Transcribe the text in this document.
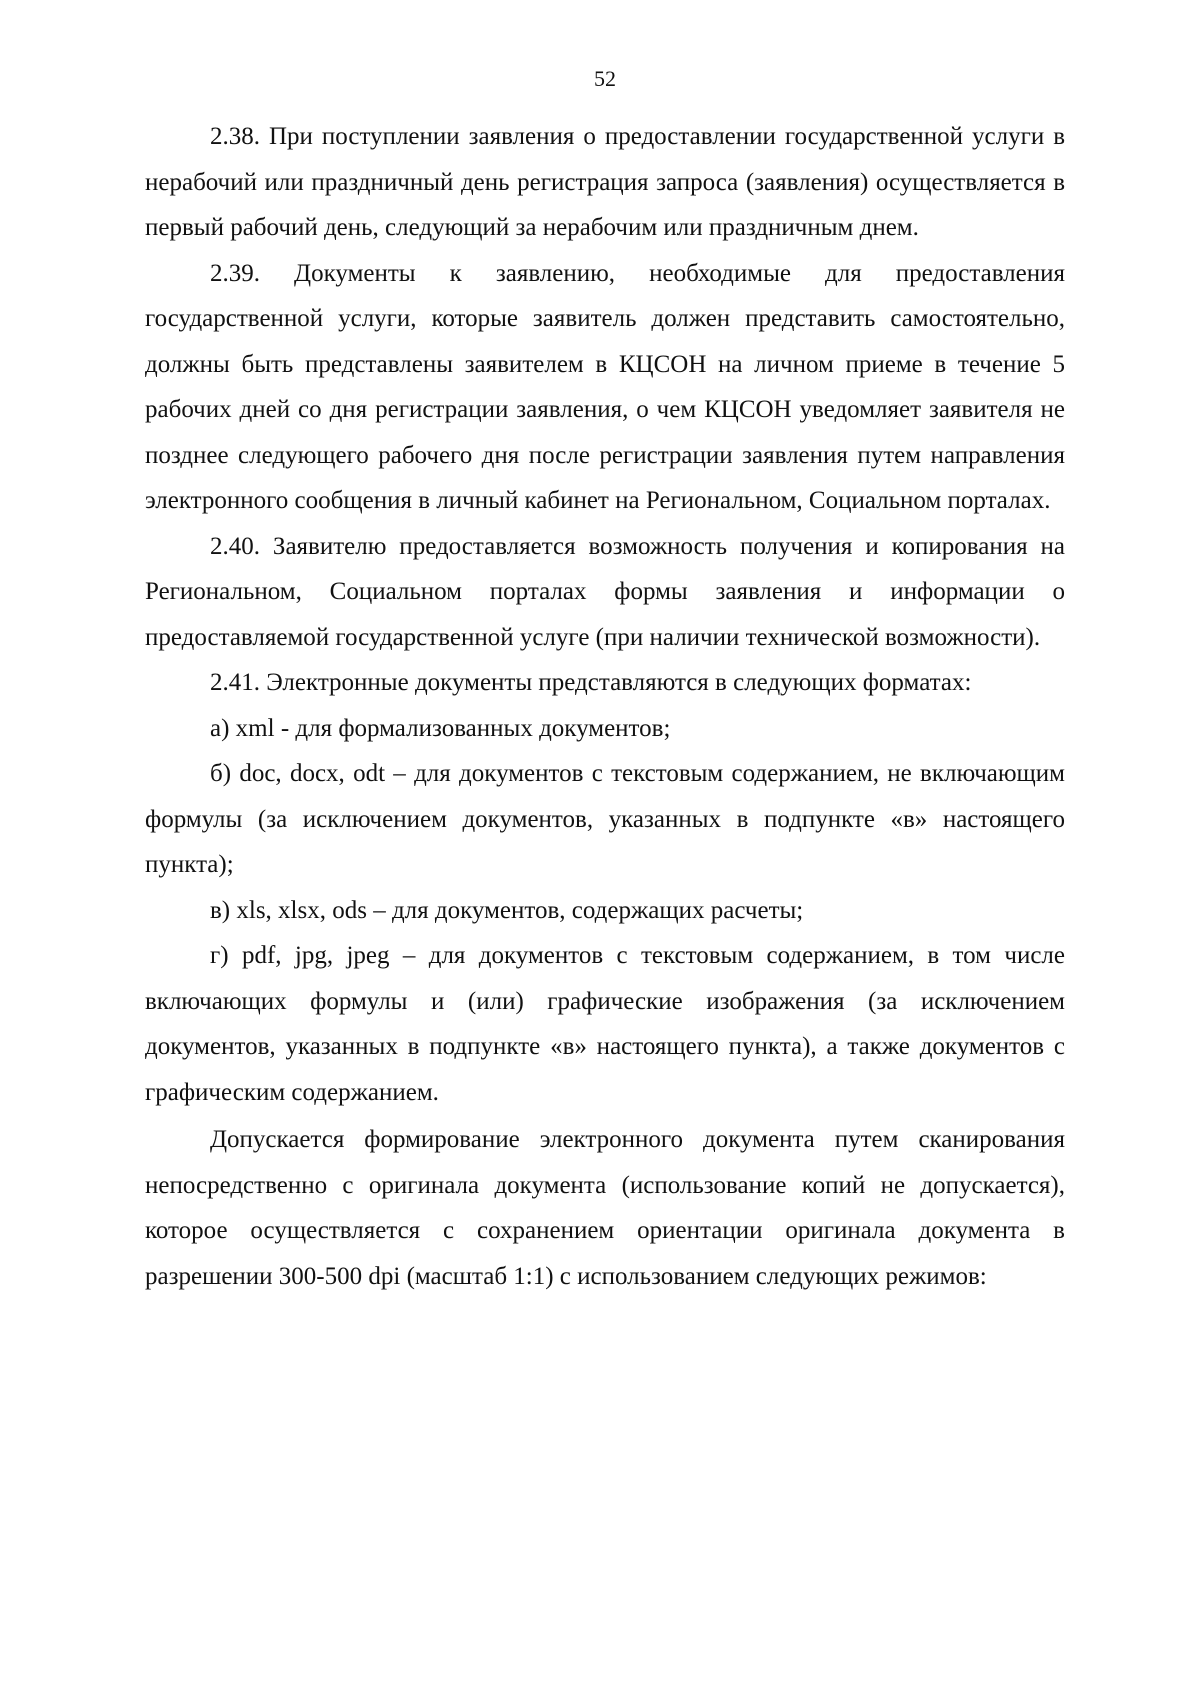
52

2.38. При поступлении заявления о предоставлении государственной услуги в нерабочий или праздничный день регистрация запроса (заявления) осуществляется в первый рабочий день, следующий за нерабочим или праздничным днем.

2.39. Документы к заявлению, необходимые для предоставления государственной услуги, которые заявитель должен представить самостоятельно, должны быть представлены заявителем в КЦСОН на личном приеме в течение 5 рабочих дней со дня регистрации заявления, о чем КЦСОН уведомляет заявителя не позднее следующего рабочего дня после регистрации заявления путем направления электронного сообщения в личный кабинет на Региональном, Социальном порталах.

2.40. Заявителю предоставляется возможность получения и копирования на Региональном, Социальном порталах формы заявления и информации о предоставляемой государственной услуге (при наличии технической возможности).

2.41. Электронные документы представляются в следующих форматах:

а) xml - для формализованных документов;

б) doc, docx, odt – для документов с текстовым содержанием, не включающим формулы (за исключением документов, указанных в подпункте «в» настоящего пункта);

в) xls, xlsx, ods – для документов, содержащих расчеты;

г) pdf, jpg, jpeg – для документов с текстовым содержанием, в том числе включающих формулы и (или) графические изображения (за исключением документов, указанных в подпункте «в» настоящего пункта), а также документов с графическим содержанием.

Допускается формирование электронного документа путем сканирования непосредственно с оригинала документа (использование копий не допускается), которое осуществляется с сохранением ориентации оригинала документа в разрешении 300-500 dpi (масштаб 1:1) с использованием следующих режимов:
